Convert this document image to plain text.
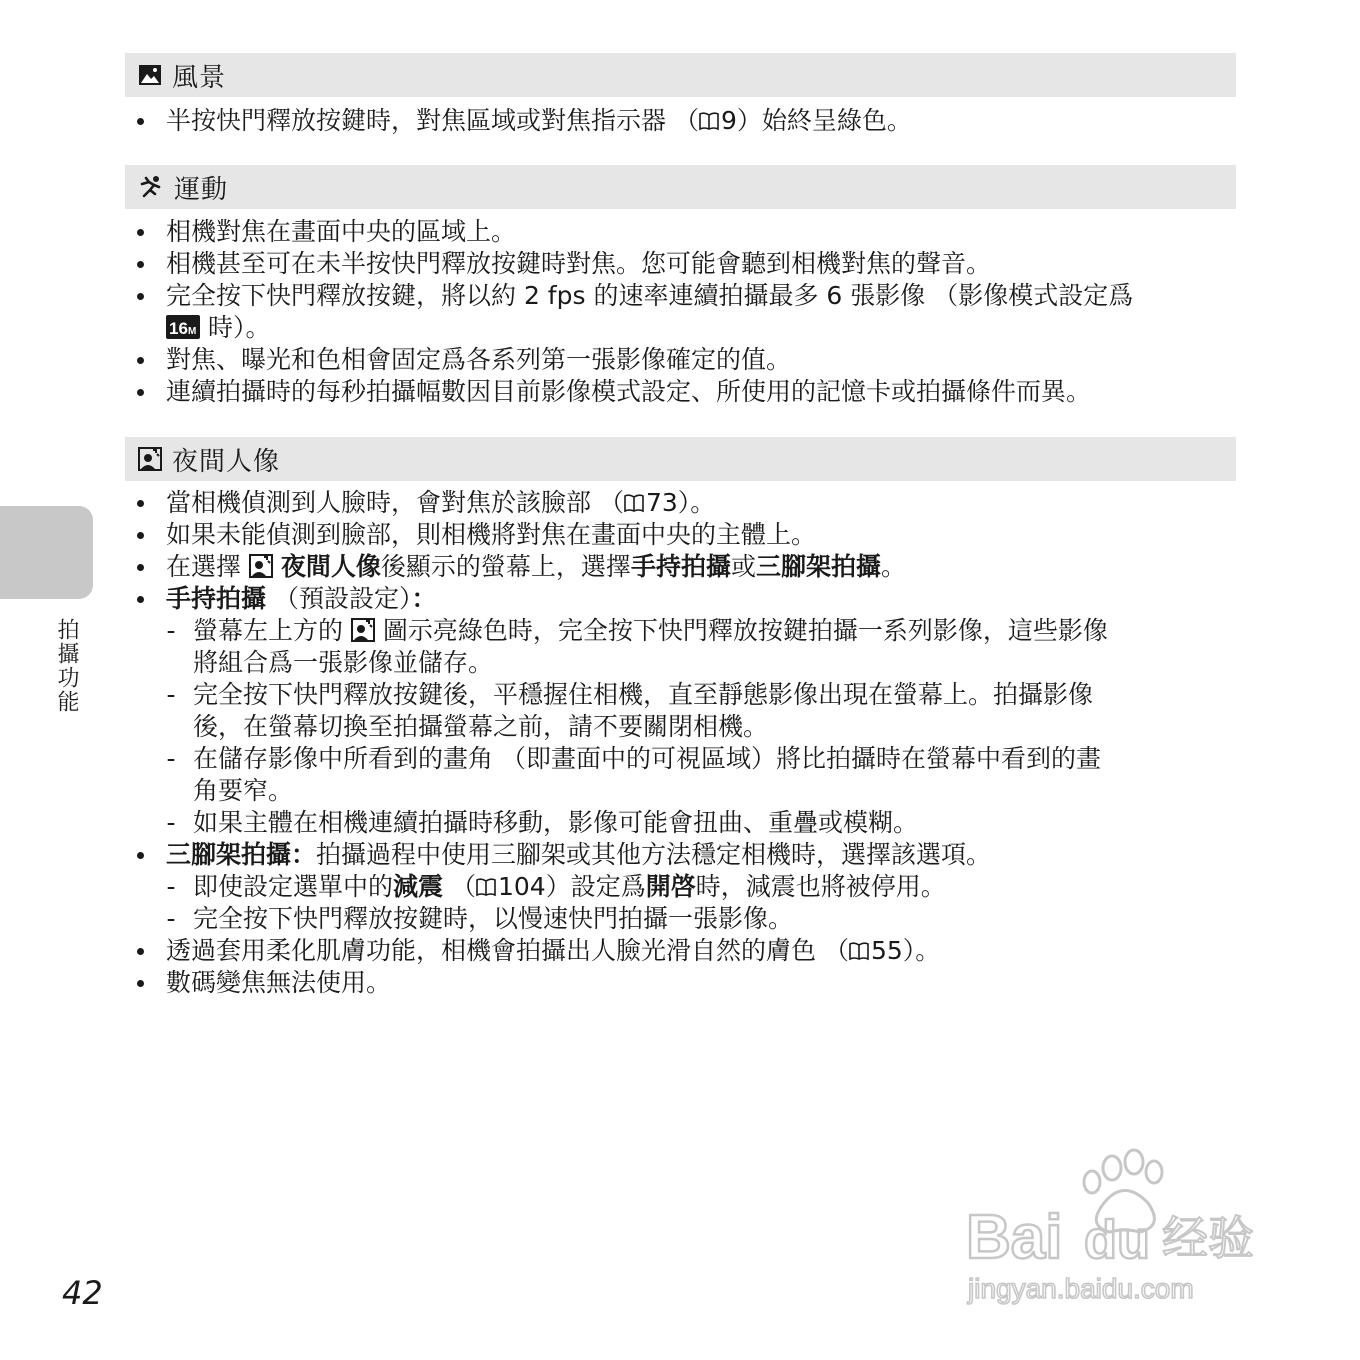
風景
半按快門釋放按鍵時，對焦區域或對焦指示器 （ 9）始終呈綠色。
運動
相機對焦在畫面中央的區域上。
相機甚至可在未半按快門釋放按鍵時對焦。您可能會聽到相機對焦的聲音。
完全按下快門釋放按鍵，將以約 2 fps 的速率連續拍攝最多 6 張影像 （影像模式設定爲

16 M 時）。
對焦、曝光和色相會固定爲各系列第一張影像確定的值。
連續拍攝時的每秒拍攝幅數因目前影像模式設定、所使用的記憶卡或拍攝條件而異。
夜間人像
當相機偵測到人臉時，會對焦於該臉部 （ 73）。
如果未能偵測到臉部，則相機將對焦在畫面中央的主體上。
在選擇  夜間人像後顯示的螢幕上，選擇手持拍攝或三腳架拍攝。
手持拍攝 （預設設定）：
- 螢幕左上方的  圖示亮綠色時，完全按下快門釋放按鍵拍攝一系列影像，這些影像
將組合爲一張影像並儲存。
- 完全按下快門釋放按鍵後，平穩握住相機，直至靜態影像出現在螢幕上。拍攝影像
後，在螢幕切換至拍攝螢幕之前，請不要關閉相機。
- 在儲存影像中所看到的畫角 （即畫面中的可視區域）將比拍攝時在螢幕中看到的畫
角要窄。
- 如果主體在相機連續拍攝時移動，影像可能會扭曲、重疊或模糊。
三腳架拍攝：拍攝過程中使用三腳架或其他方法穩定相機時，選擇該選項。
- 即使設定選單中的減震 （ 104）設定爲開啓時，減震也將被停用。
- 完全按下快門釋放按鍵時，以慢速快門拍攝一張影像。
透過套用柔化肌膚功能，相機會拍攝出人臉光滑自然的膚色 （ 55）。
數碼變焦無法使用。
拍攝功能
42
Bai du 经验
jingyan.baidu.com
